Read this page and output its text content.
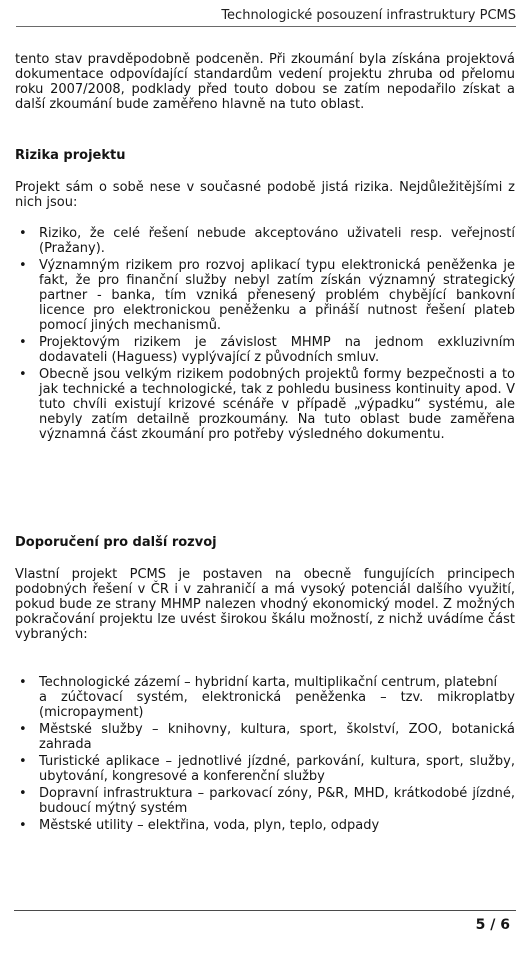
Technologické posouzení infrastruktury PCMS

tento stav pravděpodobně podceněn. Při zkoumání byla získána projektová dokumentace odpovídající standardům vedení projektu zhruba od přelomu roku 2007/2008, podklady před touto dobou se zatím nepodařilo získat a další zkoumání bude zaměřeno hlavně na tuto oblast.

Rizika projektu

Projekt sám o sobě nese v současné podobě jistá rizika. Nejdůležitějšími z nich jsou:

• Riziko, že celé řešení nebude akceptováno uživateli resp. veřejností (Pražany).
• Významným rizikem pro rozvoj aplikací typu elektronická peněženka je fakt, že pro finanční služby nebyl zatím získán významný strategický partner - banka, tím vzniká přenesený problém chybějící bankovní licence pro elektronickou peněženku a přináší nutnost řešení plateb pomocí jiných mechanismů.
• Projektovým rizikem je závislost MHMP na jednom exkluzivním dodavateli (Haguess) vyplývající z původních smluv.
• Obecně jsou velkým rizikem podobných projektů formy bezpečnosti a to jak technické a technologické, tak z pohledu business kontinuity apod. V tuto chvíli existují krizové scénáře v případě „výpadku“ systému, ale nebyly zatím detailně prozkoumány. Na tuto oblast bude zaměřena významná část zkoumání pro potřeby výsledného dokumentu.
Doporučení pro další rozvoj

Vlastní projekt PCMS je postaven na obecně fungujících principech podobných řešení v ČR i v zahraničí a má vysoký potenciál dalšího využití, pokud bude ze strany MHMP nalezen vhodný ekonomický model. Z možných pokračování projektu lze uvést širokou škálu možností, z nichž uvádíme část vybraných:

• Technologické zázemí – hybridní karta, multiplikační centrum, platební
a zúčtovací systém, elektronická peněženka – tzv. mikroplatby (micropayment)
• Městské služby – knihovny, kultura, sport, školství, ZOO, botanická zahrada
• Turistické aplikace – jednotlivé jízdné, parkování, kultura, sport, služby, ubytování, kongresové a konferenční služby
• Dopravní infrastruktura – parkovací zóny, P&R, MHD, krátkodobé jízdné, budoucí mýtný systém
• Městské utility – elektřina, voda, plyn, teplo, odpady
5 / 6
